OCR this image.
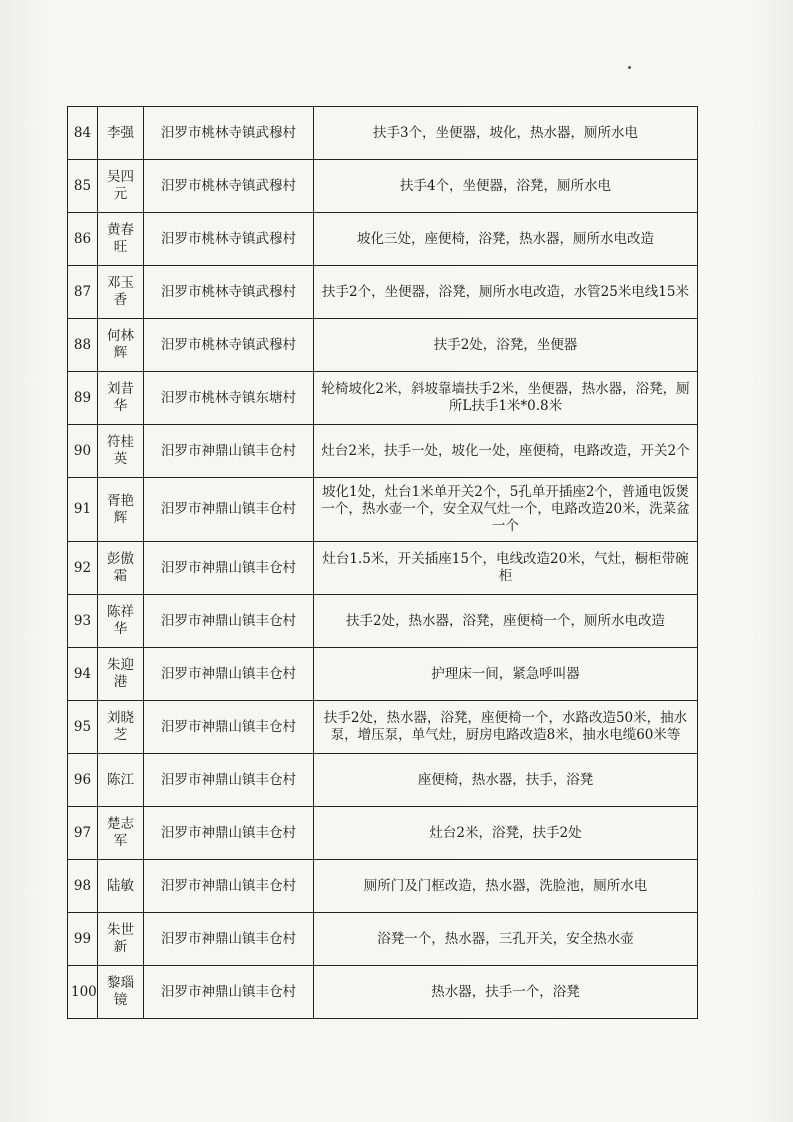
84	李强	汨罗市桃林寺镇武穆村	扶手3个，坐便器，坡化，热水器，厕所水电
85	吴四元	汨罗市桃林寺镇武穆村	扶手4个，坐便器，浴凳，厕所水电
86	黄春旺	汨罗市桃林寺镇武穆村	坡化三处，座便椅，浴凳，热水器，厕所水电改造
87	邓玉香	汨罗市桃林寺镇武穆村	扶手2个，坐便器，浴凳，厕所水电改造，水管25米电线15米
88	何林辉	汨罗市桃林寺镇武穆村	扶手2处，浴凳，坐便器
89	刘昔华	汨罗市桃林寺镇东塘村	轮椅坡化2米，斜坡靠墙扶手2米，坐便器，热水器，浴凳，厕所L扶手1米*0.8米
90	符桂英	汨罗市神鼎山镇丰仓村	灶台2米，扶手一处，坡化一处，座便椅，电路改造，开关2个
91	胥艳辉	汨罗市神鼎山镇丰仓村	坡化1处，灶台1米单开关2个，5孔单开插座2个，普通电饭煲一个，热水壶一个，安全双气灶一个，电路改造20米，洗菜盆一个
92	彭傲霜	汨罗市神鼎山镇丰仓村	灶台1.5米，开关插座15个，电线改造20米，气灶，橱柜带碗柜
93	陈祥华	汨罗市神鼎山镇丰仓村	扶手2处，热水器，浴凳，座便椅一个，厕所水电改造
94	朱迎港	汨罗市神鼎山镇丰仓村	护理床一间，紧急呼叫器
95	刘晓芝	汨罗市神鼎山镇丰仓村	扶手2处，热水器，浴凳，座便椅一个，水路改造50米，抽水泵，增压泵，单气灶，厨房电路改造8米，抽水电缆60米等
96	陈江	汨罗市神鼎山镇丰仓村	座便椅，热水器，扶手，浴凳
97	楚志军	汨罗市神鼎山镇丰仓村	灶台2米，浴凳，扶手2处
98	陆敏	汨罗市神鼎山镇丰仓村	厕所门及门框改造，热水器，洗脸池，厕所水电
99	朱世新	汨罗市神鼎山镇丰仓村	浴凳一个，热水器，三孔开关，安全热水壶
100	黎瑙镜	汨罗市神鼎山镇丰仓村	热水器，扶手一个，浴凳
